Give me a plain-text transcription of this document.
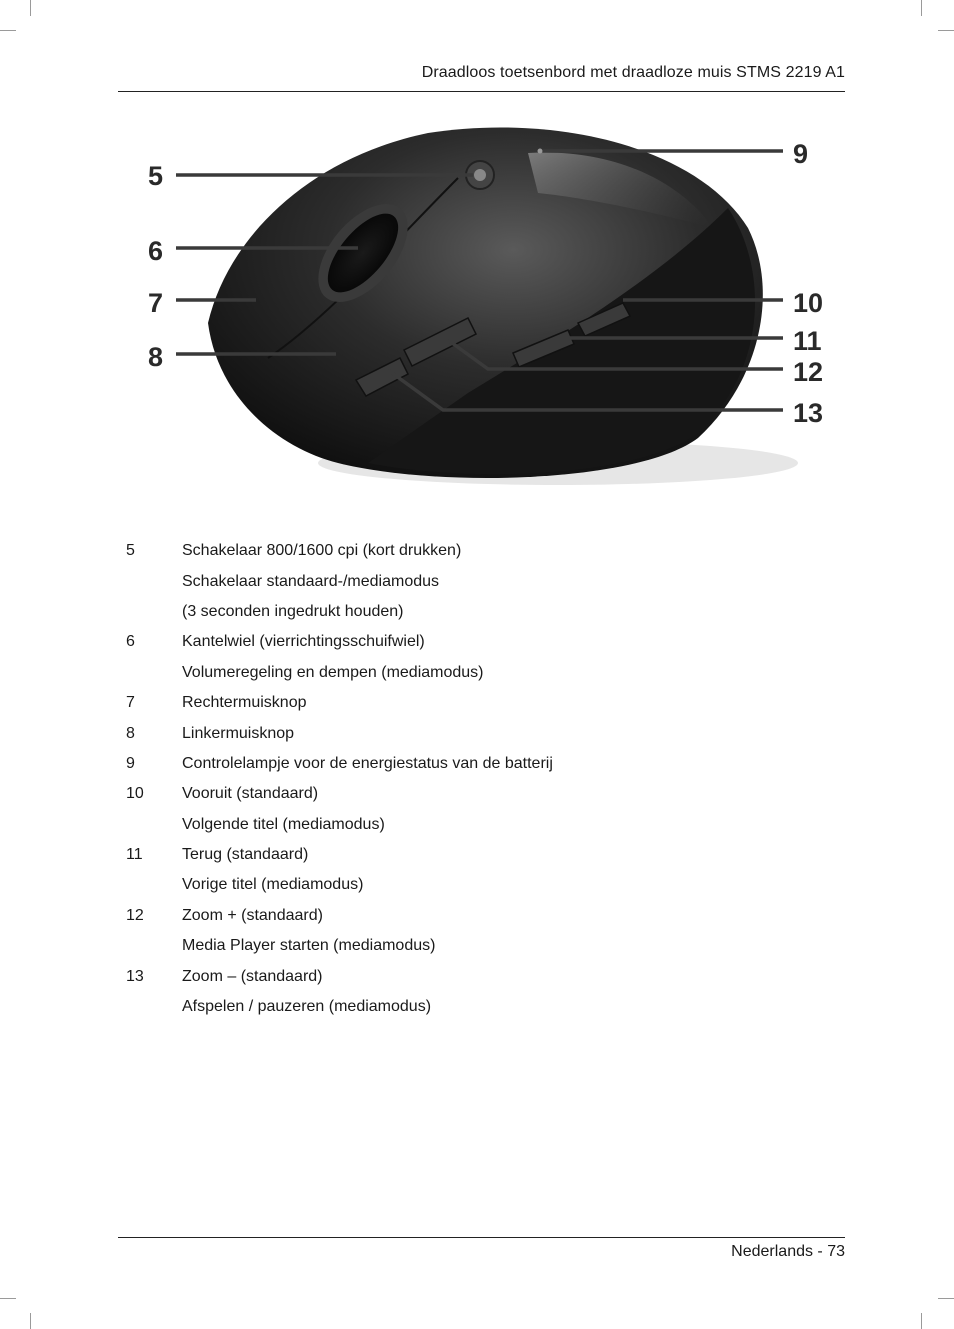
Draadloos toetsenbord met draadloze muis STMS 2219 A1
5
6
7
8
9
10
11
12
13
5	Schakelaar 800/1600 cpi (kort drukken)
Schakelaar standaard-/mediamodus
(3 seconden ingedrukt houden)
6	Kantelwiel (vierrichtingsschuifwiel)
Volumeregeling en dempen (mediamodus)
7	Rechtermuisknop
8	Linkermuisknop
9	Controlelampje voor de energiestatus van de batterij
10	Vooruit (standaard)
Volgende titel (mediamodus)
11	Terug (standaard)
Vorige titel (mediamodus)
12	Zoom + (standaard)
Media Player starten (mediamodus)
13	Zoom – (standaard)
Afspelen / pauzeren (mediamodus)
Nederlands - 73
